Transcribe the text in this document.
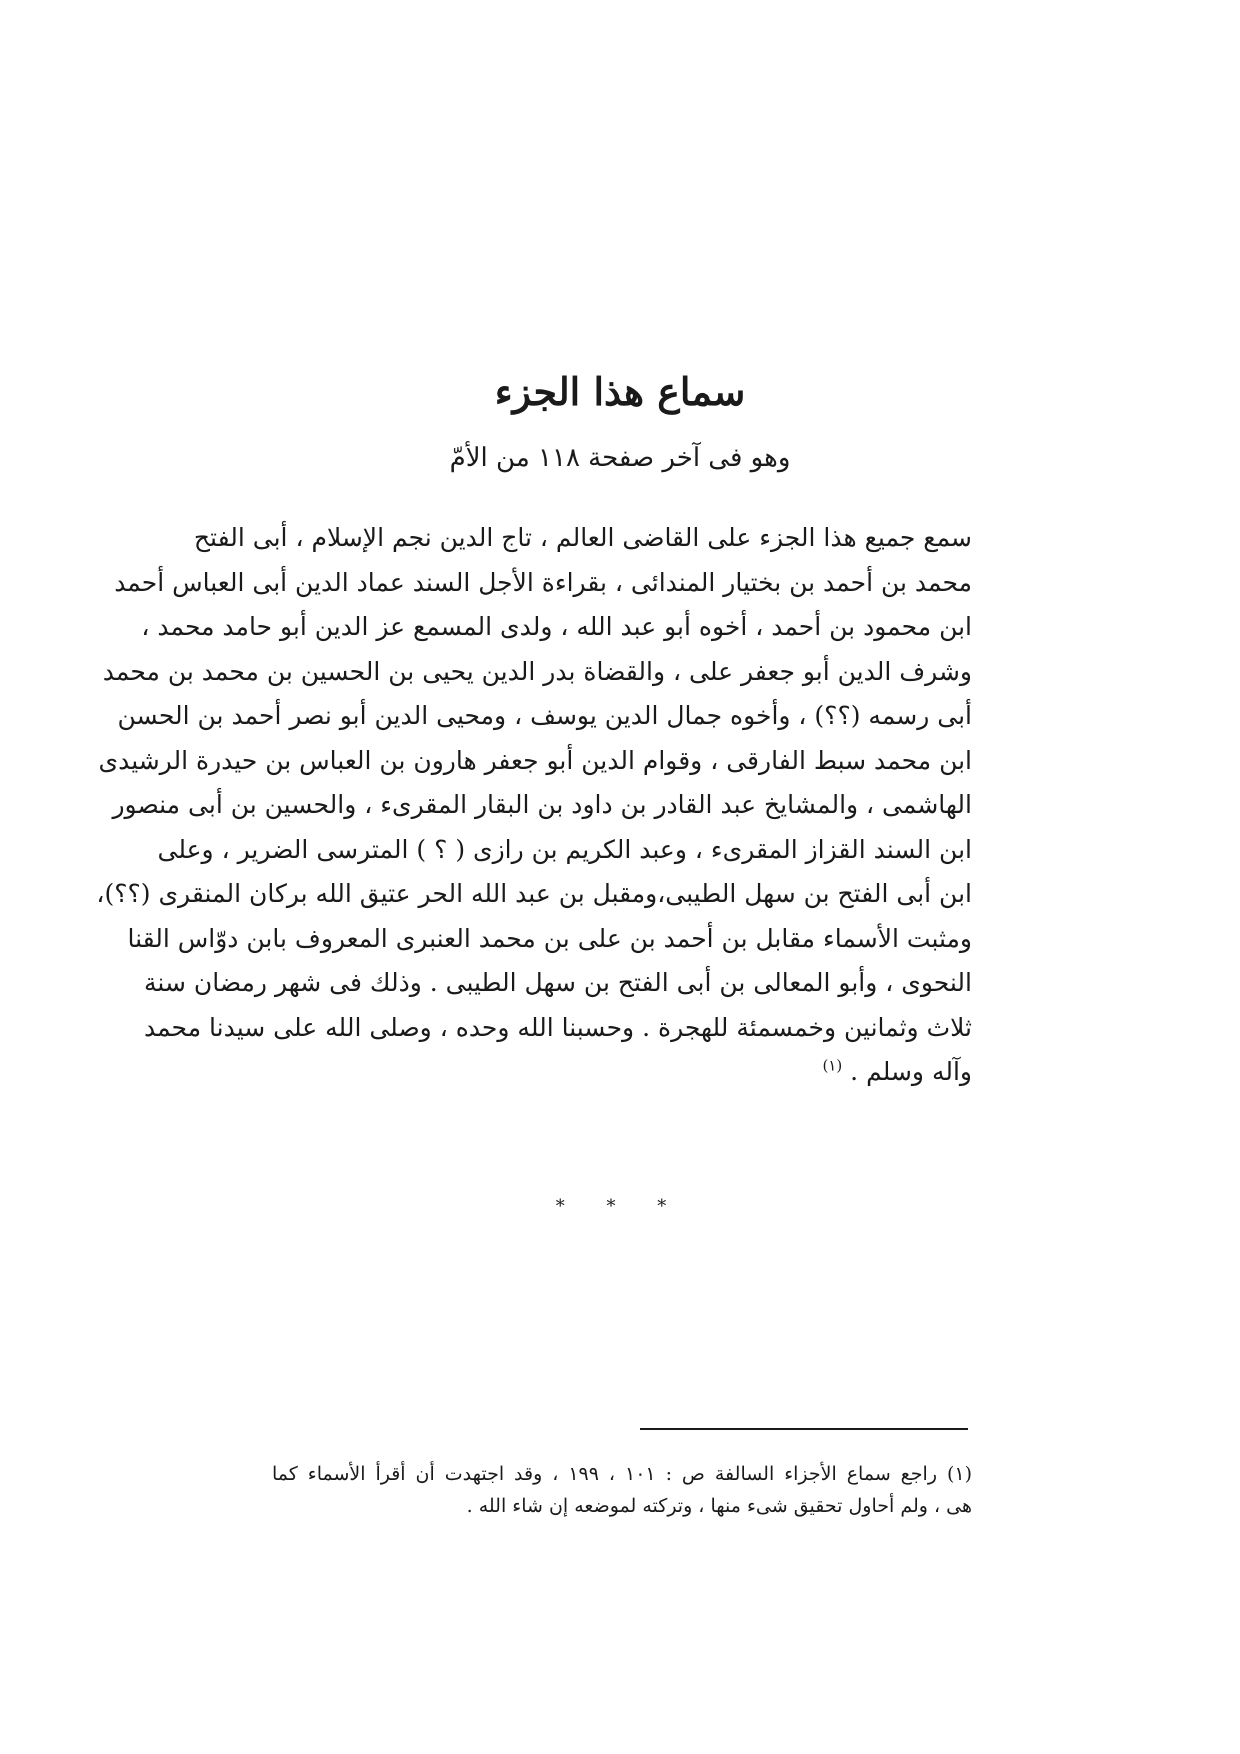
سماع هذا الجزء
وهو فى آخر صفحة ١١٨ من الأمّ
سمع جميع هذا الجزء على القاضى العالم ، تاج الدين نجم الإسلام ، أبى الفتح
محمد بن أحمد بن بختيار المندائى ، بقراءة الأجل السند عماد الدين أبى العباس أحمد
ابن محمود بن أحمد ، أخوه أبو عبد الله ، ولدى المسمع عز الدين أبو حامد محمد ،
وشرف الدين أبو جعفر على ، والقضاة بدر الدين يحيى بن الحسين بن محمد بن محمد
أبى رسمه (؟؟) ، وأخوه جمال الدين يوسف ، ومحيى الدين أبو نصر أحمد بن الحسن
ابن محمد سبط الفارقى ، وقوام الدين أبو جعفر هارون بن العباس بن حيدرة الرشيدى
الهاشمى ، والمشايخ عبد القادر بن داود بن البقار المقرىء ، والحسين بن أبى منصور
ابن السند القزاز المقرىء ، وعبد الكريم بن رازى ( ؟ ) المترسى الضرير ، وعلى
ابن أبى الفتح بن سهل الطيبى،ومقبل بن عبد الله الحر عتيق الله بركان المنقرى (؟؟)،
ومثبت الأسماء مقابل بن أحمد بن على بن محمد العنبرى المعروف بابن دوّاس القنا
النحوى ، وأبو المعالى بن أبى الفتح بن سهل الطيبى . وذلك فى شهر رمضان سنة
ثلاث وثمانين وخمسمئة للهجرة . وحسبنا الله وحده ، وصلى الله على سيدنا محمد
وآله وسلم . $^{(١)}$
* * *
(١) راجع سماع الأجزاء السالفة ص : ١٠١ ، ١٩٩ ، وقد اجتهدت أن أقرأ الأسماء كما
هى ، ولم أحاول تحقيق شىء منها ، وتركته لموضعه إن شاء الله .
